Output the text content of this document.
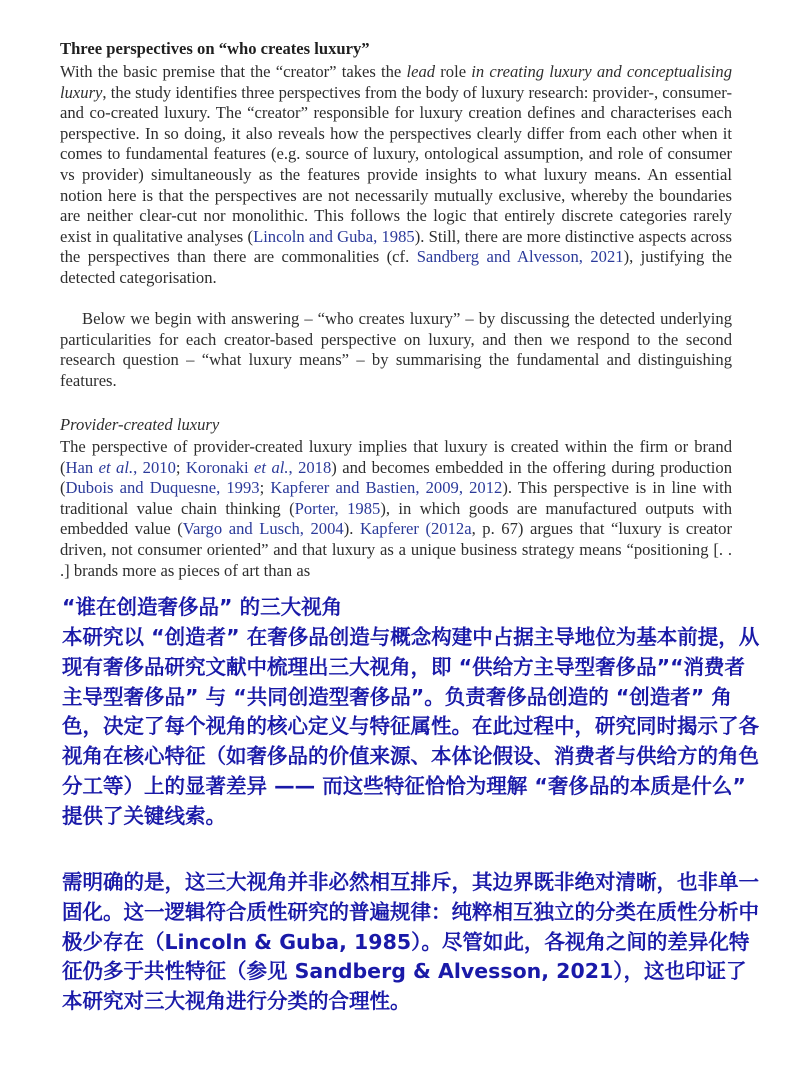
Three perspectives on “who creates luxury”
With the basic premise that the “creator” takes the lead role in creating luxury and conceptualising luxury, the study identifies three perspectives from the body of luxury research: provider-, consumer- and co-created luxury. The “creator” responsible for luxury creation defines and characterises each perspective. In so doing, it also reveals how the perspectives clearly differ from each other when it comes to fundamental features (e.g. source of luxury, ontological assumption, and role of consumer vs provider) simultaneously as the features provide insights to what luxury means. An essential notion here is that the perspectives are not necessarily mutually exclusive, whereby the boundaries are neither clear-cut nor monolithic. This follows the logic that entirely discrete categories rarely exist in qualitative analyses (Lincoln and Guba, 1985). Still, there are more distinctive aspects across the perspectives than there are commonalities (cf. Sandberg and Alvesson, 2021), justifying the detected categorisation.
Below we begin with answering – “who creates luxury” – by discussing the detected underlying particularities for each creator-based perspective on luxury, and then we respond to the second research question – “what luxury means” – by summarising the fundamental and distinguishing features.
Provider-created luxury
The perspective of provider-created luxury implies that luxury is created within the firm or brand (Han et al., 2010; Koronaki et al., 2018) and becomes embedded in the offering during production (Dubois and Duquesne, 1993; Kapferer and Bastien, 2009, 2012). This perspective is in line with traditional value chain thinking (Porter, 1985), in which goods are manufactured outputs with embedded value (Vargo and Lusch, 2004). Kapferer (2012a, p. 67) argues that “luxury is creator driven, not consumer oriented” and that luxury as a unique business strategy means “positioning [. . .] brands more as pieces of art than as
“谁在创造奢侈品” 的三大视角
本研究以 “创造者” 在奢侈品创造与概念构建中占据主导地位为基本前提，从现有奢侈品研究文献中梳理出三大视角，即 “供给方主导型奢侈品”“消费者主导型奢侈品” 与 “共同创造型奢侈品”。负责奢侈品创造的 “创造者” 角色，决定了每个视角的核心定义与特征属性。在此过程中，研究同时揭示了各视角在核心特征（如奢侈品的价值来源、本体论假设、消费者与供给方的角色分工等）上的显著差异 —— 而这些特征恰恰为理解 “奢侈品的本质是什么” 提供了关键线索。
需明确的是，这三大视角并非必然相互排斥，其边界既非绝对清晰，也非单一固化。这一逻辑符合质性研究的普遍规律：纯粹相互独立的分类在质性分析中极少存在（Lincoln & Guba, 1985）。尽管如此，各视角之间的差异化特征仍多于共性特征（参见 Sandberg & Alvesson, 2021），这也印证了本研究对三大视角进行分类的合理性。
